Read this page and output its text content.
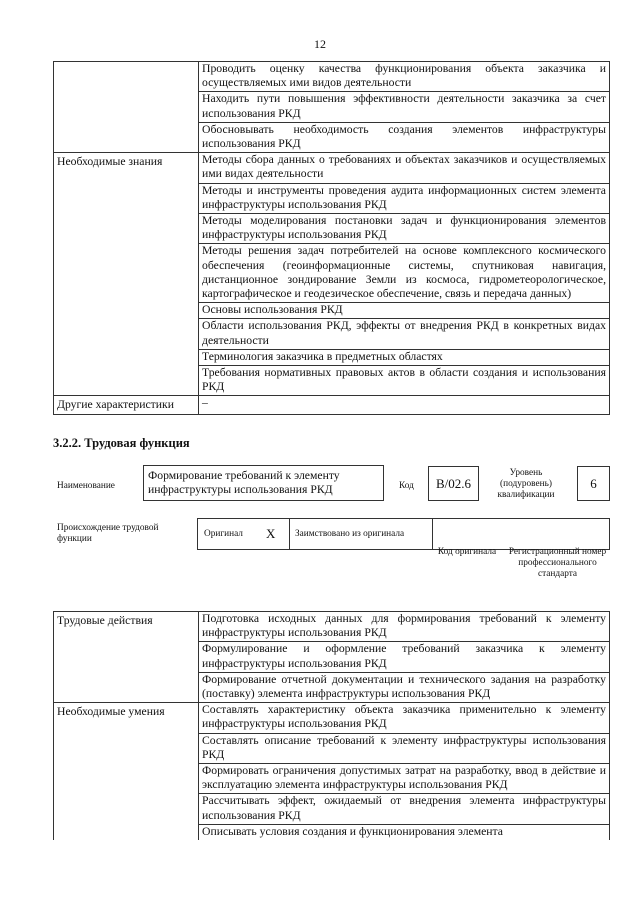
12
	Проводить оценку качества функционирования объекта заказчика и осуществляемых ими видов деятельности
	Находить пути повышения эффективности деятельности заказчика за счет использования РКД
	Обосновывать необходимость создания элементов инфраструктуры использования РКД
Необходимые знания	Методы сбора данных о требованиях и объектах заказчиков и осуществляемых ими видах деятельности
	Методы и инструменты проведения аудита информационных систем элемента инфраструктуры использования РКД
	Методы моделирования постановки задач и функционирования элементов инфраструктуры использования РКД
	Методы решения задач потребителей на основе комплексного космического обеспечения (геоинформационные системы, спутниковая навигация, дистанционное зондирование Земли из космоса, гидрометеорологическое, картографическое и геодезическое обеспечение, связь и передача данных)
	Основы использования РКД
	Области использования РКД, эффекты от внедрения РКД в конкретных видах деятельности
	Терминология заказчика в предметных областях
	Требования нормативных правовых актов в области создания и использования РКД
Другие характеристики	–
3.2.2. Трудовая функция
Наименование
Формирование требований к элементу инфраструктуры использования РКД	Код	B/02.6
Уровень (подуровень) квалификации
6
Происхождение трудовой функции	Оригинал X Заимствовано из оригинала
Код оригинала	Регистрационный номер профессионального стандарта
Трудовые действия	Подготовка исходных данных для формирования требований к элементу инфраструктуры использования РКД
	Формулирование и оформление требований заказчика к элементу инфраструктуры использования РКД
	Формирование отчетной документации и технического задания на разработку (поставку) элемента инфраструктуры использования РКД
Необходимые умения	Составлять характеристику объекта заказчика применительно к элементу инфраструктуры использования РКД
	Составлять описание требований к элементу инфраструктуры использования РКД
	Формировать ограничения допустимых затрат на разработку, ввод в действие и эксплуатацию элемента инфраструктуры использования РКД
	Рассчитывать эффект, ожидаемый от внедрения элемента инфраструктуры использования РКД
	Описывать условия создания и функционирования элемента
